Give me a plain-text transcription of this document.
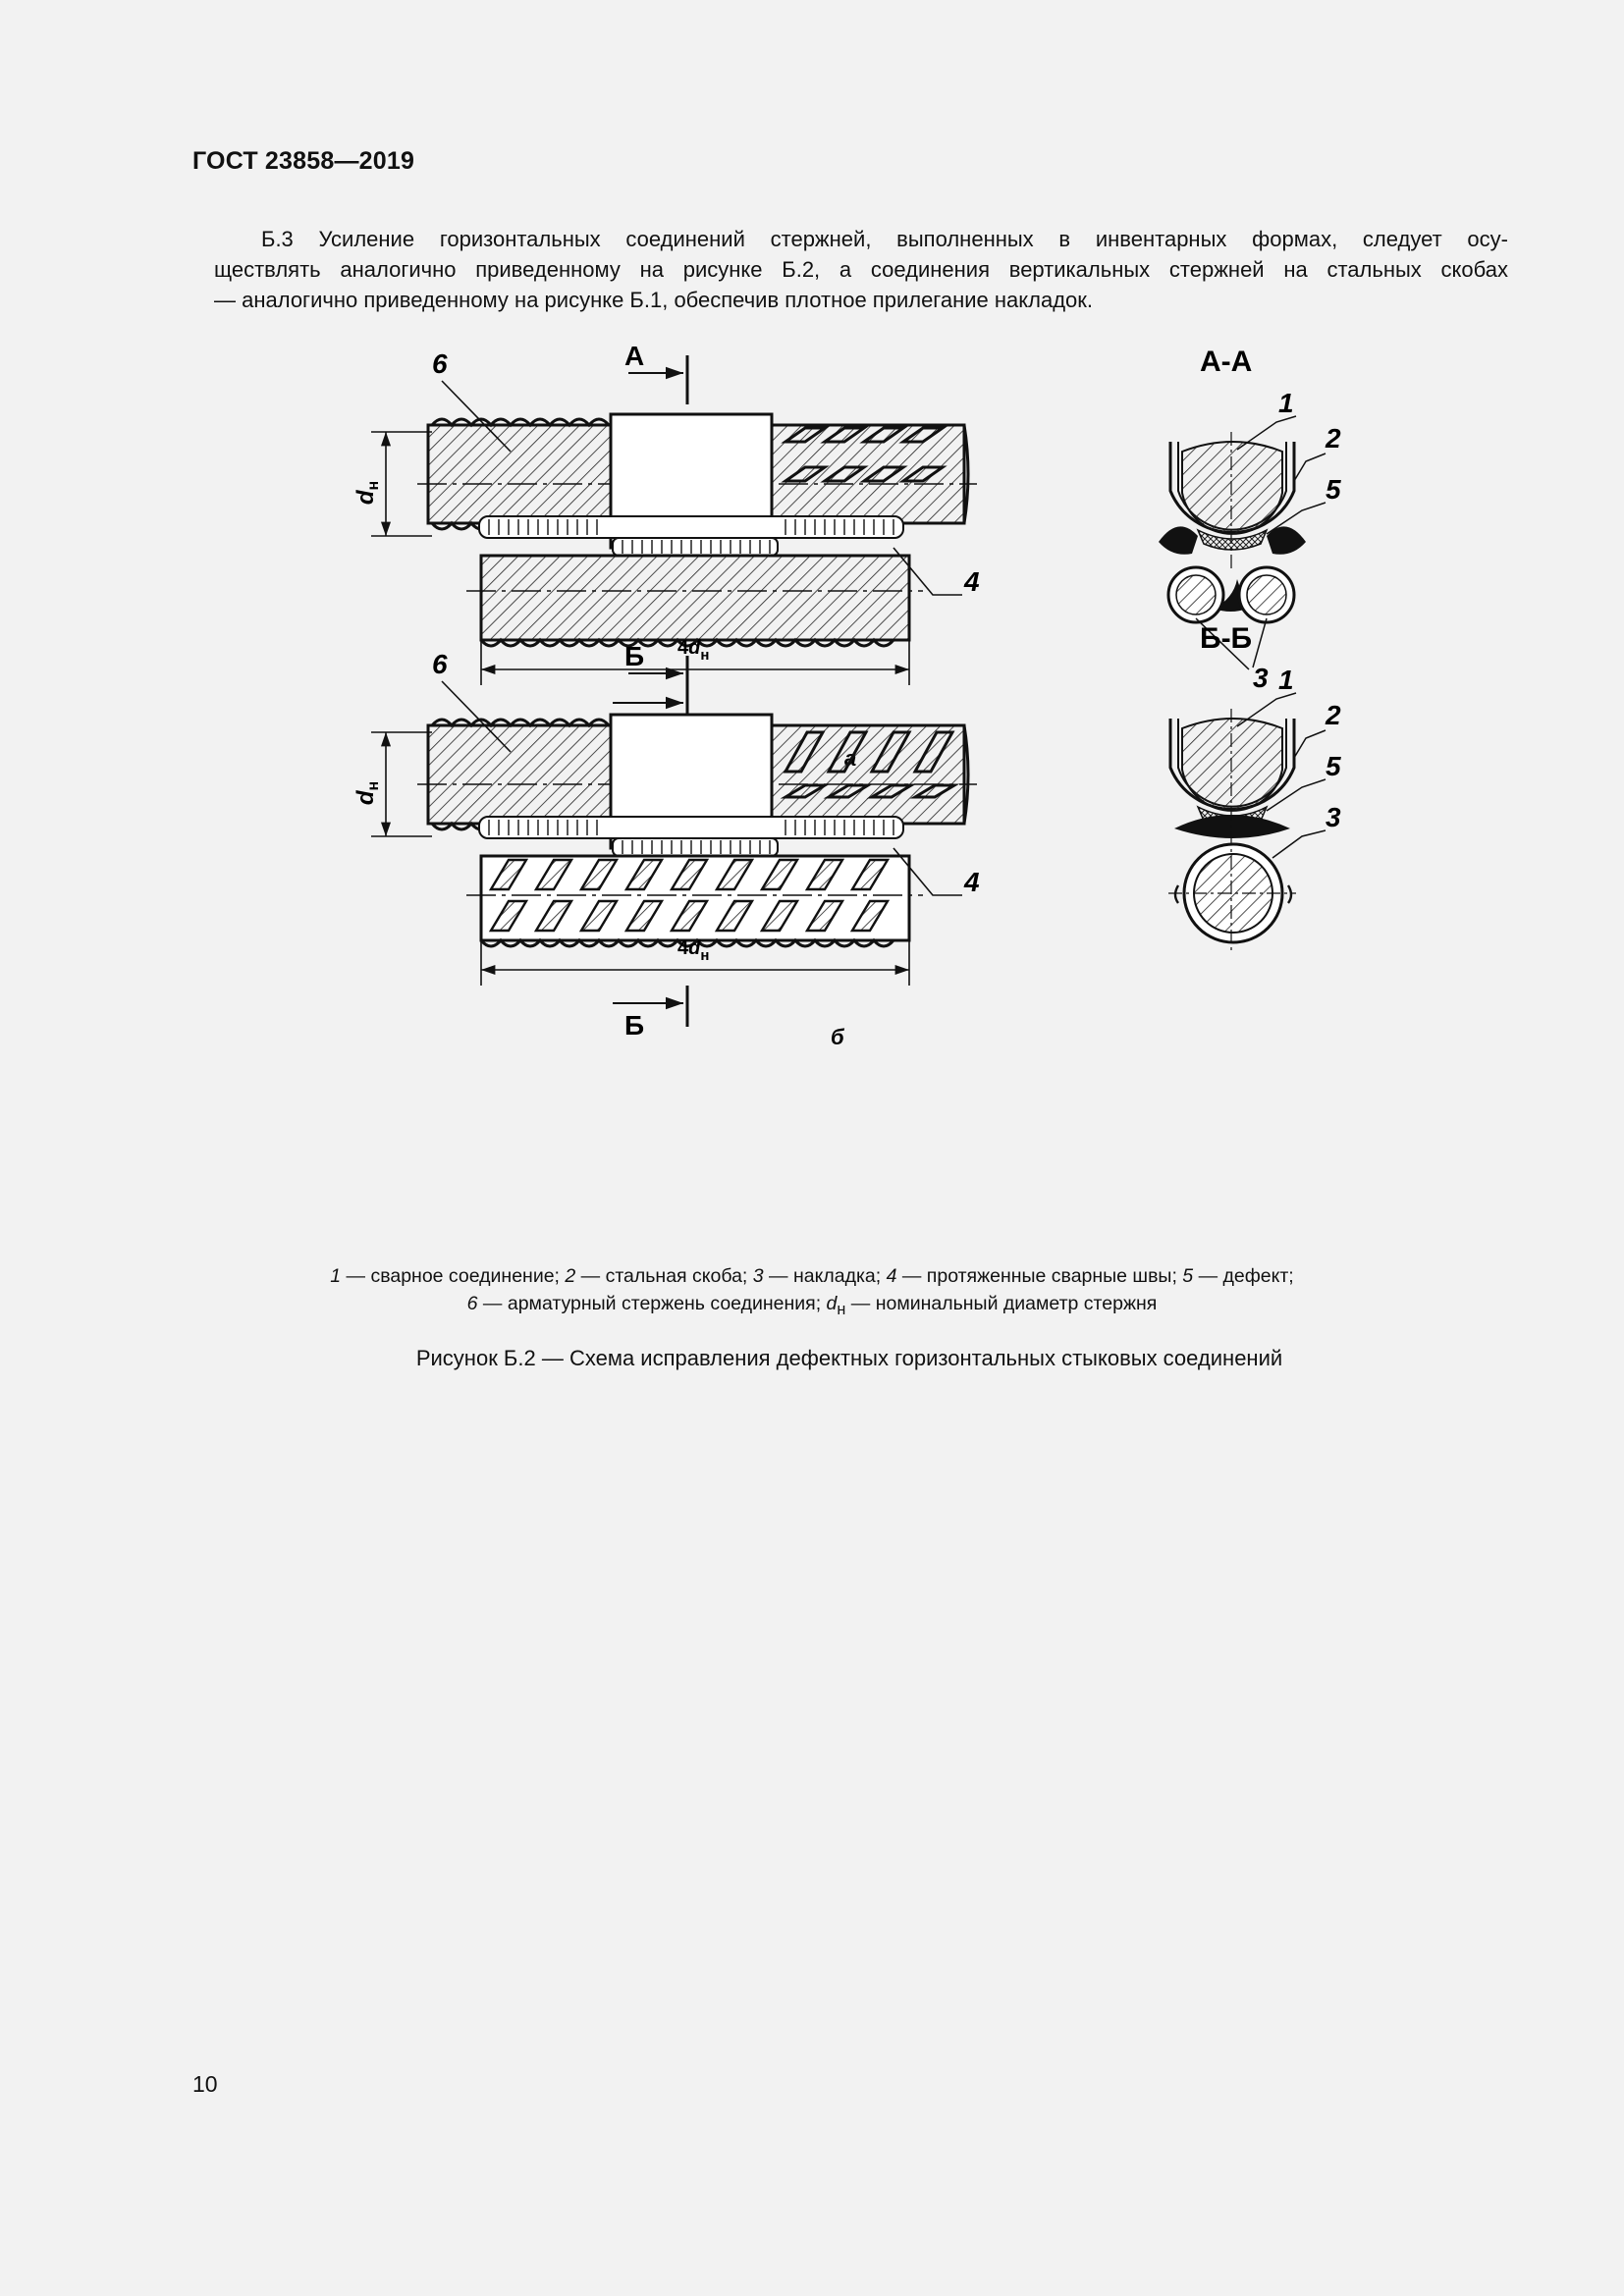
ГОСТ 23858—2019

Б.3 Усиление горизонтальных соединений стержней, выполненных в инвентарных формах, следует осу-
ществлять аналогично приведенному на рисунке Б.2, а соединения вертикальных стержней на стальных скобах
— аналогично приведенному на рисунке Б.1, обеспечив плотное прилегание накладок.

$d_н$
$4d_н$
А
6
4
А-А
1
2
5
3
$d_н$
$4d_н$
Б
Б
6
4
б
Б-Б
1
2
5
3
1 — сварное соединение; 2 — стальная скоба; 3 — накладка; 4 — протяженные сварные швы; 5 — дефект;
6 — арматурный стержень соединения; $d_н$ — номинальный диаметр стержня
Рисунок Б.2 — Схема исправления дефектных горизонтальных стыковых соединений
10
